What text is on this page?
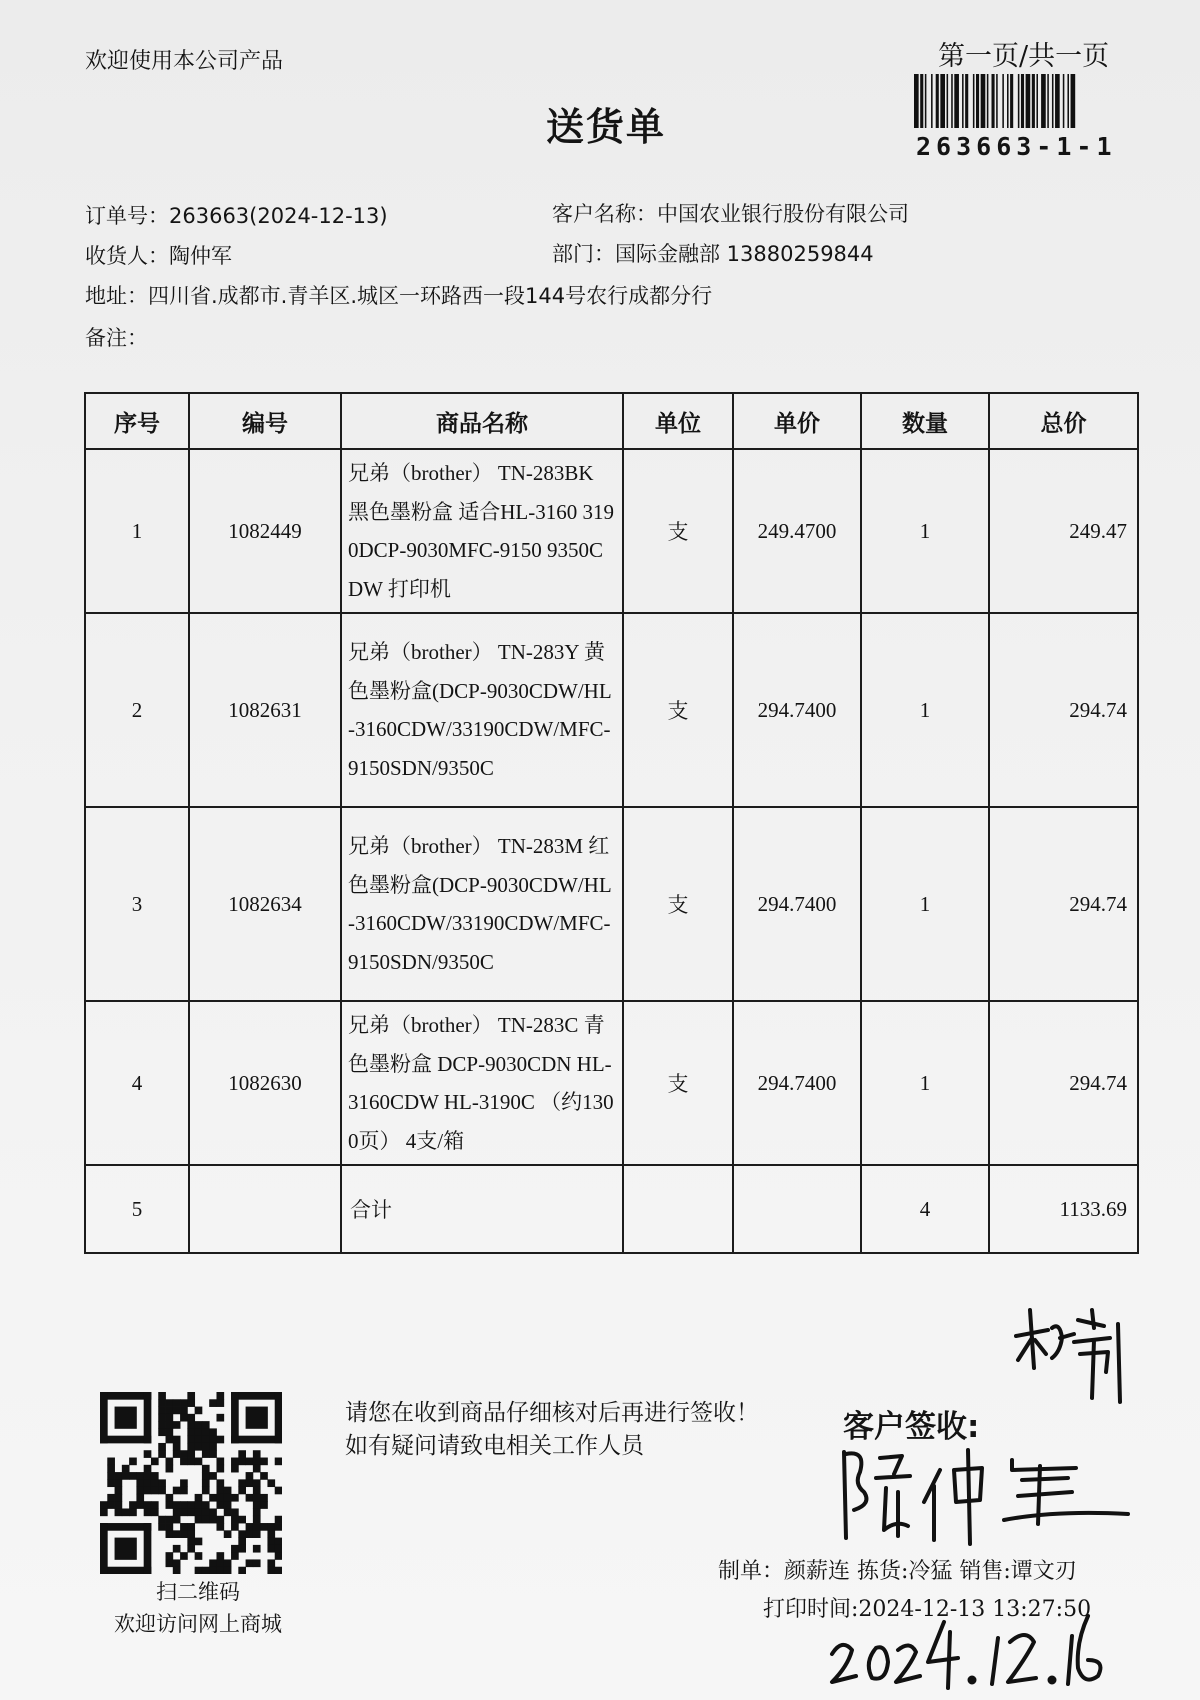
欢迎使用本公司产品	第一页/共一页
送货单	263663-1-1
订单号：263663(2024-12-13)	客户名称：中国农业银行股份有限公司
收货人：陶仲军	部门：国际金融部 13880259844
地址：四川省.成都市.青羊区.城区一环路西一段144号农行成都分行
备注：
序号	编号	商品名称	单位	单价	数量	总价
1	1082449	兄弟（brother） TN-283BK 黑色墨粉盒 适合HL-3160 3190DCP-9030MFC-9150 9350CDW 打印机	支	249.4700	1	249.47
2	1082631	兄弟（brother） TN-283Y 黄色墨粉盒(DCP-9030CDW/HL-3160CDW/33190CDW/MFC-9150SDN/9350C	支	294.7400	1	294.74
3	1082634	兄弟（brother） TN-283M 红色墨粉盒(DCP-9030CDW/HL-3160CDW/33190CDW/MFC-9150SDN/9350C	支	294.7400	1	294.74
4	1082630	兄弟（brother） TN-283C 青色墨粉盒 DCP-9030CDN HL-3160CDW HL-3190C （约1300页） 4支/箱	支	294.7400	1	294.74
5		合计			4	1133.69
扫二维码
欢迎访问网上商城
请您在收到商品仔细核对后再进行签收！如有疑问请致电相关工作人员
客户签收:
制单：颜薪连 拣货:冷猛 销售:谭文刃
打印时间:2024-12-13 13:27:50
